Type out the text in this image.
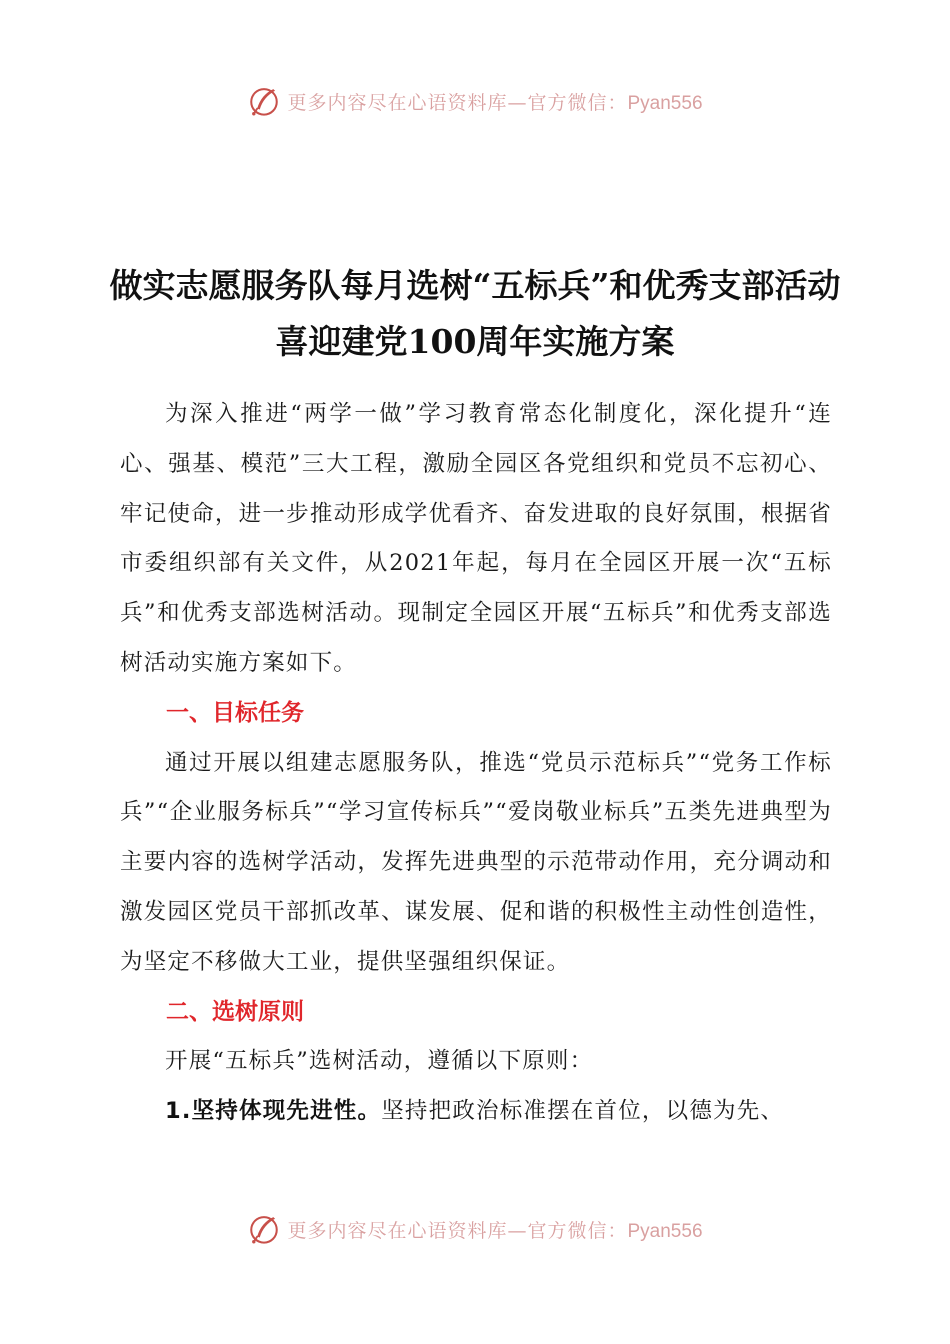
更多内容尽在心语资料库—官方微信：Pyan556
做实志愿服务队每月选树“五标兵”和优秀支部活动喜迎建党100周年实施方案

为深入推进“两学一做”学习教育常态化制度化，深化提升“连心、强基、模范”三大工程，激励全园区各党组织和党员不忘初心、牢记使命，进一步推动形成学优看齐、奋发进取的良好氛围，根据省市委组织部有关文件，从2021年起，每月在全园区开展一次“五标兵”和优秀支部选树活动。现制定全园区开展“五标兵”和优秀支部选树活动实施方案如下。

一、目标任务

通过开展以组建志愿服务队，推选“党员示范标兵”“党务工作标兵”“企业服务标兵”“学习宣传标兵”“爱岗敬业标兵”五类先进典型为主要内容的选树学活动，发挥先进典型的示范带动作用，充分调动和激发园区党员干部抓改革、谋发展、促和谐的积极性主动性创造性，为坚定不移做大工业，提供坚强组织保证。

二、选树原则

开展“五标兵”选树活动，遵循以下原则：

1.坚持体现先进性。坚持把政治标准摆在首位，以德为先、

更多内容尽在心语资料库—官方微信：Pyan556
